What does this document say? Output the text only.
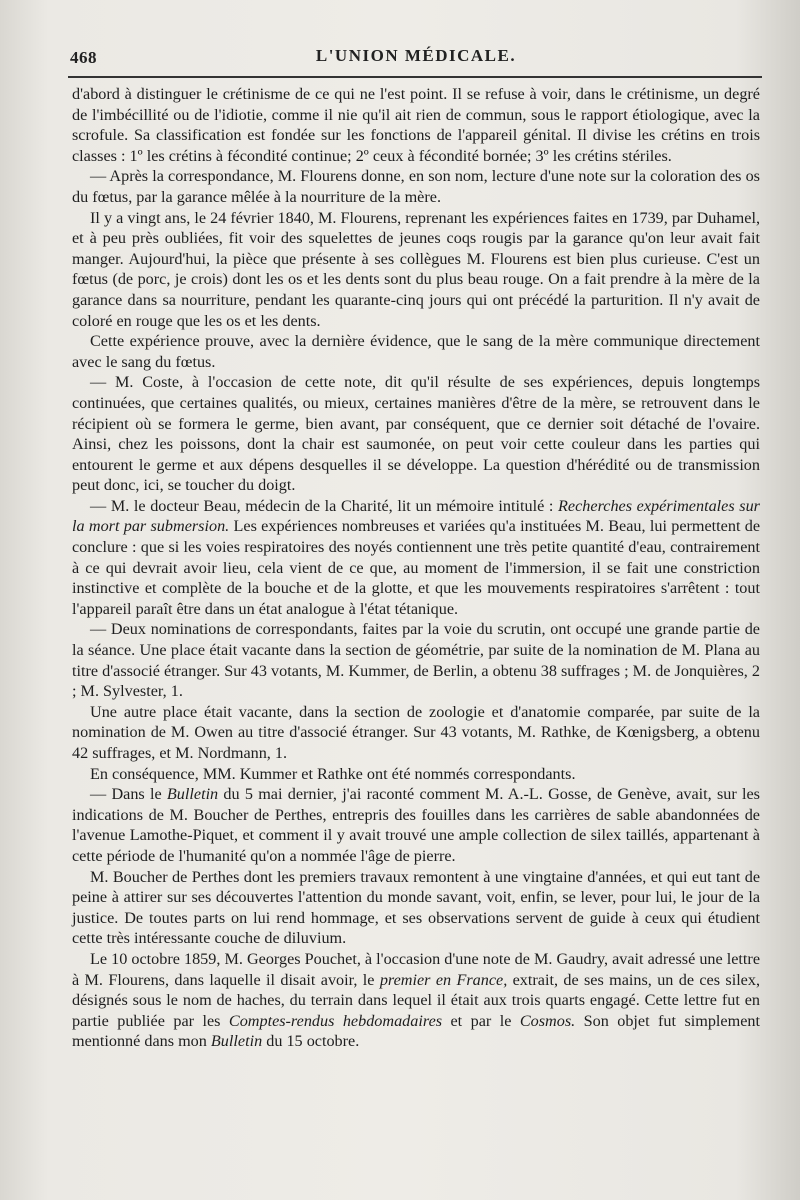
468	L'UNION MÉDICALE.

d'abord à distinguer le crétinisme de ce qui ne l'est point. Il se refuse à voir, dans le crétinisme, un degré de l'imbécillité ou de l'idiotie, comme il nie qu'il ait rien de commun, sous le rapport étiologique, avec la scrofule. Sa classification est fondée sur les fonctions de l'appareil génital. Il divise les crétins en trois classes : 1º les crétins à fécondité continue; 2º ceux à fécondité bornée; 3º les crétins stériles.

— Après la correspondance, M. Flourens donne, en son nom, lecture d'une note sur la coloration des os du fœtus, par la garance mêlée à la nourriture de la mère.

Il y a vingt ans, le 24 février 1840, M. Flourens, reprenant les expériences faites en 1739, par Duhamel, et à peu près oubliées, fit voir des squelettes de jeunes coqs rougis par la garance qu'on leur avait fait manger. Aujourd'hui, la pièce que présente à ses collègues M. Flourens est bien plus curieuse. C'est un fœtus (de porc, je crois) dont les os et les dents sont du plus beau rouge. On a fait prendre à la mère de la garance dans sa nourriture, pendant les quarante-cinq jours qui ont précédé la parturition. Il n'y avait de coloré en rouge que les os et les dents.

Cette expérience prouve, avec la dernière évidence, que le sang de la mère communique directement avec le sang du fœtus.

— M. Coste, à l'occasion de cette note, dit qu'il résulte de ses expériences, depuis longtemps continuées, que certaines qualités, ou mieux, certaines manières d'être de la mère, se retrouvent dans le récipient où se formera le germe, bien avant, par conséquent, que ce dernier soit détaché de l'ovaire. Ainsi, chez les poissons, dont la chair est saumonée, on peut voir cette couleur dans les parties qui entourent le germe et aux dépens desquelles il se développe. La question d'hérédité ou de transmission peut donc, ici, se toucher du doigt.

— M. le docteur Beau, médecin de la Charité, lit un mémoire intitulé : Recherches expérimentales sur la mort par submersion. Les expériences nombreuses et variées qu'a instituées M. Beau, lui permettent de conclure : que si les voies respiratoires des noyés contiennent une très petite quantité d'eau, contrairement à ce qui devrait avoir lieu, cela vient de ce que, au moment de l'immersion, il se fait une constriction instinctive et complète de la bouche et de la glotte, et que les mouvements respiratoires s'arrêtent : tout l'appareil paraît être dans un état analogue à l'état tétanique.

— Deux nominations de correspondants, faites par la voie du scrutin, ont occupé une grande partie de la séance. Une place était vacante dans la section de géométrie, par suite de la nomination de M. Plana au titre d'associé étranger. Sur 43 votants, M. Kummer, de Berlin, a obtenu 38 suffrages ; M. de Jonquières, 2 ; M. Sylvester, 1.

Une autre place était vacante, dans la section de zoologie et d'anatomie comparée, par suite de la nomination de M. Owen au titre d'associé étranger. Sur 43 votants, M. Rathke, de Kœnigsberg, a obtenu 42 suffrages, et M. Nordmann, 1.

En conséquence, MM. Kummer et Rathke ont été nommés correspondants.

— Dans le Bulletin du 5 mai dernier, j'ai raconté comment M. A.-L. Gosse, de Genève, avait, sur les indications de M. Boucher de Perthes, entrepris des fouilles dans les carrières de sable abandonnées de l'avenue Lamothe-Piquet, et comment il y avait trouvé une ample collection de silex taillés, appartenant à cette période de l'humanité qu'on a nommée l'âge de pierre.

M. Boucher de Perthes dont les premiers travaux remontent à une vingtaine d'années, et qui eut tant de peine à attirer sur ses découvertes l'attention du monde savant, voit, enfin, se lever, pour lui, le jour de la justice. De toutes parts on lui rend hommage, et ses observations servent de guide à ceux qui étudient cette très intéressante couche de diluvium.

Le 10 octobre 1859, M. Georges Pouchet, à l'occasion d'une note de M. Gaudry, avait adressé une lettre à M. Flourens, dans laquelle il disait avoir, le premier en France, extrait, de ses mains, un de ces silex, désignés sous le nom de haches, du terrain dans lequel il était aux trois quarts engagé. Cette lettre fut en partie publiée par les Comptes-rendus hebdomadaires et par le Cosmos. Son objet fut simplement mentionné dans mon Bulletin du 15 octobre.
